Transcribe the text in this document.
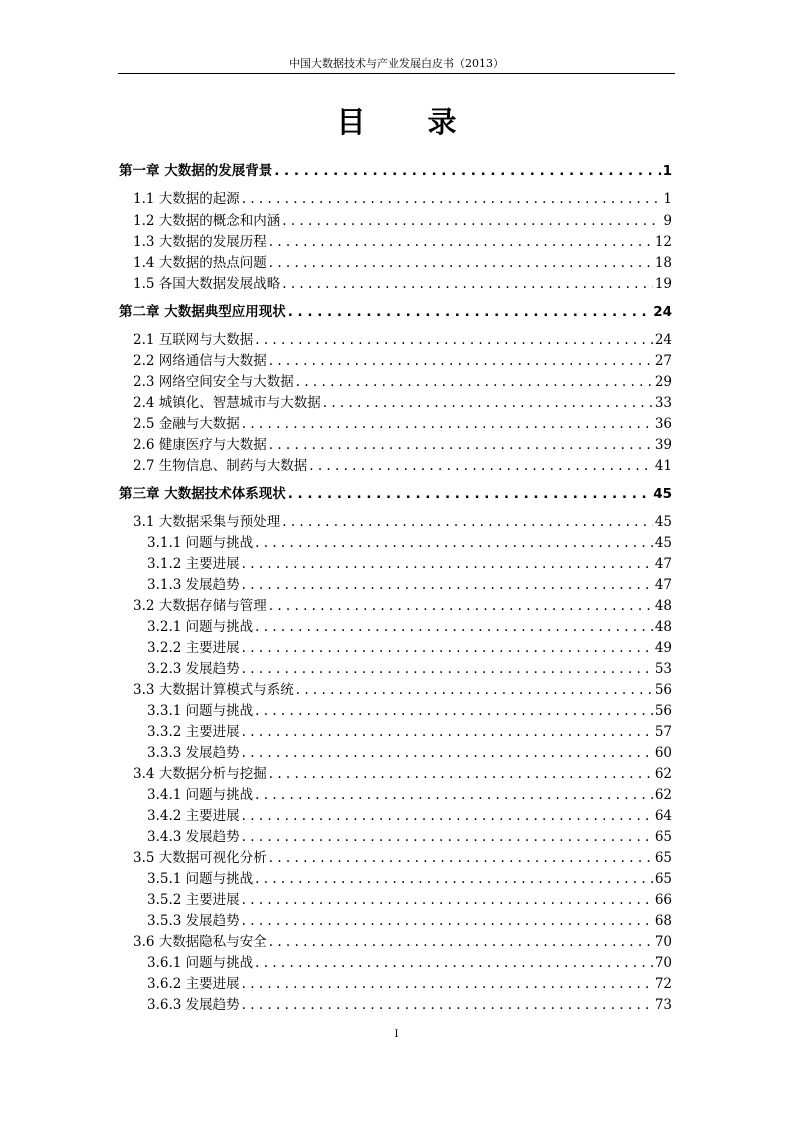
中国大数据技术与产业发展白皮书（2013）
目 录
第一章 大数据的发展背景 . . .	1
1.1 大数据的起源 . . .	1
1.2 大数据的概念和内涵 . . .	9
1.3 大数据的发展历程 . . .	12
1.4 大数据的热点问题 . . .	18
1.5 各国大数据发展战略 . . .	19
第二章 大数据典型应用现状 . . .	24
2.1 互联网与大数据 . . .	24
2.2 网络通信与大数据 . . .	27
2.3 网络空间安全与大数据 . . .	29
2.4 城镇化、智慧城市与大数据 . . .	33
2.5 金融与大数据 . . .	36
2.6 健康医疗与大数据 . . .	39
2.7 生物信息、制药与大数据 . . .	41
第三章 大数据技术体系现状 . . .	45
3.1 大数据采集与预处理 . . .	45
3.1.1 问题与挑战 . . .	45
3.1.2 主要进展 . . .	47
3.1.3 发展趋势 . . .	47
3.2 大数据存储与管理 . . .	48
3.2.1 问题与挑战 . . .	48
3.2.2 主要进展 . . .	49
3.2.3 发展趋势 . . .	53
3.3 大数据计算模式与系统 . . .	56
3.3.1 问题与挑战 . . .	56
3.3.2 主要进展 . . .	57
3.3.3 发展趋势 . . .	60
3.4 大数据分析与挖掘 . . .	62
3.4.1 问题与挑战 . . .	62
3.4.2 主要进展 . . .	64
3.4.3 发展趋势 . . .	65
3.5 大数据可视化分析 . . .	65
3.5.1 问题与挑战 . . .	65
3.5.2 主要进展 . . .	66
3.5.3 发展趋势 . . .	68
3.6 大数据隐私与安全 . . .	70
3.6.1 问题与挑战 . . .	70
3.6.2 主要进展 . . .	72
3.6.3 发展趋势 . . .	73
I
